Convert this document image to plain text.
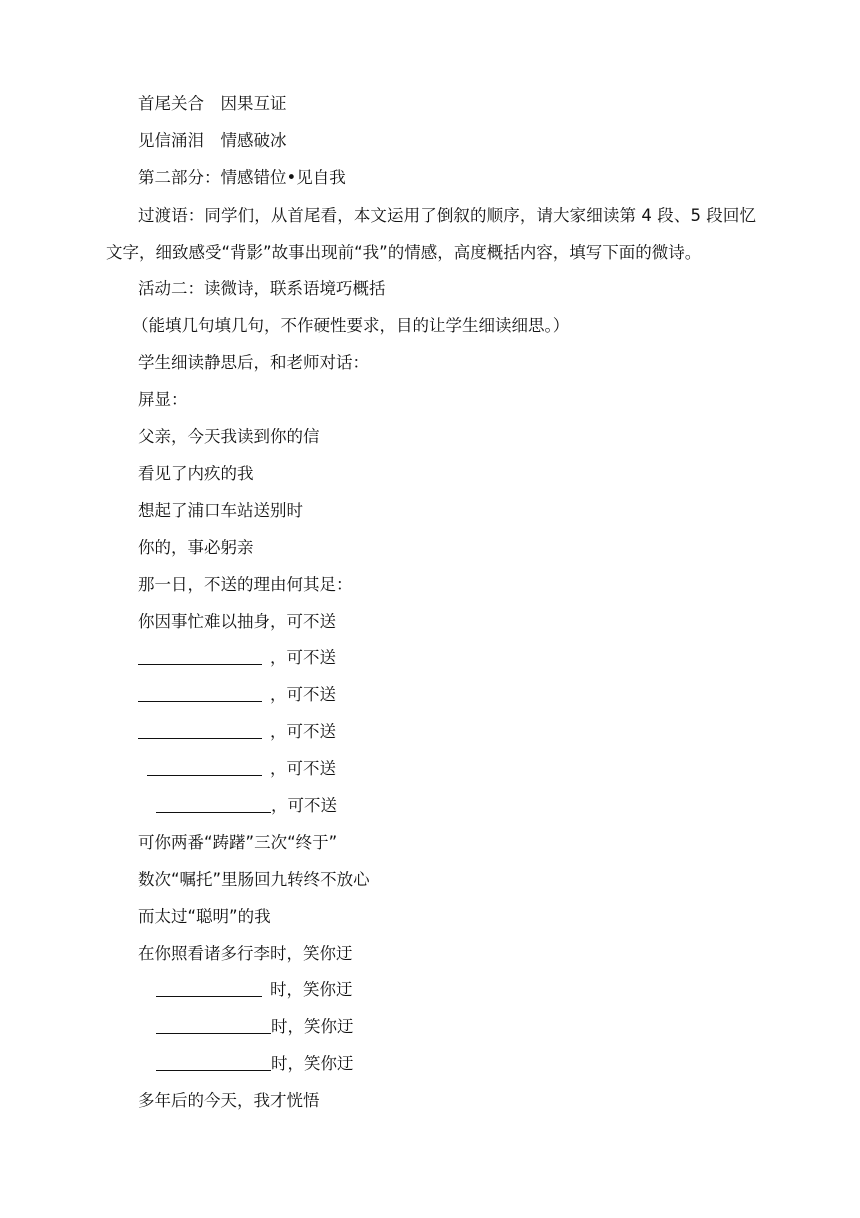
首尾关合　因果互证

见信涌泪　情感破冰

第二部分：情感错位•见自我

过渡语：同学们，从首尾看，本文运用了倒叙的顺序，请大家细读第 4 段、5 段回忆文字，细致感受“背影”故事出现前“我”的情感，高度概括内容，填写下面的微诗。

活动二：读微诗，联系语境巧概括

（能填几句填几句，不作硬性要求，目的让学生细读细思。）

学生细读静思后，和老师对话：

屏显：

父亲，今天我读到你的信

看见了内疚的我

想起了浦口车站送别时

你的，事必躬亲

那一日，不送的理由何其足：

你因事忙难以抽身，可不送

，可不送
，可不送
，可不送
，可不送
，可不送

可你两番“踌躇”三次“终于”

数次“嘱托”里肠回九转终不放心

而太过“聪明”的我

在你照看诸多行李时，笑你迂

时，笑你迂
时，笑你迂
时，笑你迂

多年后的今天，我才恍悟
